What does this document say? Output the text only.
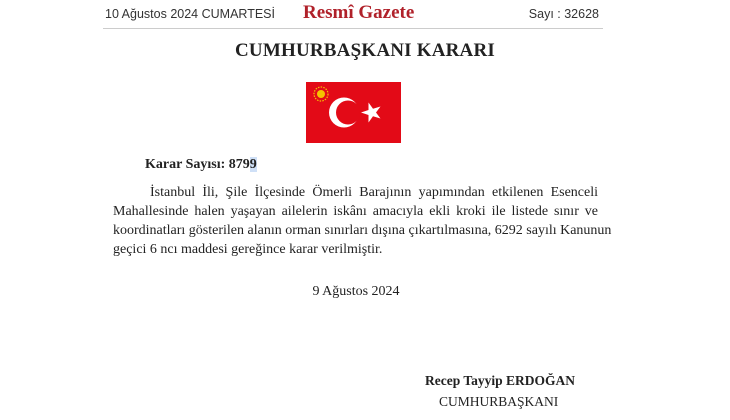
10 Ağustos 2024 CUMARTESİ Resmî Gazete	Sayı : 32628
CUMHURBAŞKANI KARARI
Karar Sayısı: 8799
İstanbul İli, Şile İlçesinde Ömerli Barajının yapımından etkilenen Esenceli
Mahallesinde halen yaşayan ailelerin iskânı amacıyla ekli kroki ile listede sınır ve
koordinatları gösterilen alanın orman sınırları dışına çıkartılmasına, 6292 sayılı Kanunun
geçici 6 ncı maddesi gereğince karar verilmiştir.
9 Ağustos 2024
Recep Tayyip ERDOĞAN
CUMHURBAŞKANI
